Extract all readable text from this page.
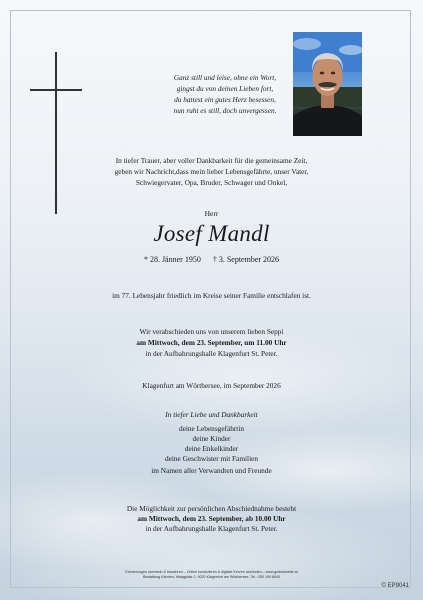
Ganz still und leise, ohne ein Wort,
gingst du von deinen Lieben fort,
du hattest ein gutes Herz besessen,
nun ruht es still, doch unvergessen.
In tiefer Trauer, aber voller Dankbarkeit für die gemeinsame Zeit,
geben wir Nachricht,dass mein lieber Lebensgefährte, unser Vater,
Schwiegervater, Opa, Bruder, Schwager und Onkel,
Herr
Josef Mandl
* 28. Jänner 1950 † 3. September 2026
im 77. Lebensjahr friedlich im Kreise seiner Familie entschlafen ist.
Wir verabschieden uns von unserem lieben Seppi
am Mittwoch, dem 23. September, um 11.00 Uhr
in der Aufbahrungshalle Klagenfurt St. Peter.
Klagenfurt am Wörthersee, im September 2026
In tiefer Liebe und Dankbarkeit
deine Lebensgefährtin
deine Kinder
deine Enkelkinder
deine Geschwister mit Familien
im Namen aller Verwandten und Freunde
Die Möglichkeit zur persönlichen Abschiednahme besteht
am Mittwoch, dem 23. September, ab 10.00 Uhr
in der Aufbahrungshalle Klagenfurt St. Peter.
Erinnerungen sammeln & bewahren – Online kondolieren & digitale Kerzen anzünden – www.gedenkseite.at
Bestattung Kärnten, Waagplatz 2, 9020 Klagenfurt am Wörthersee, Tel.: 050 199 8040
© EP9041
